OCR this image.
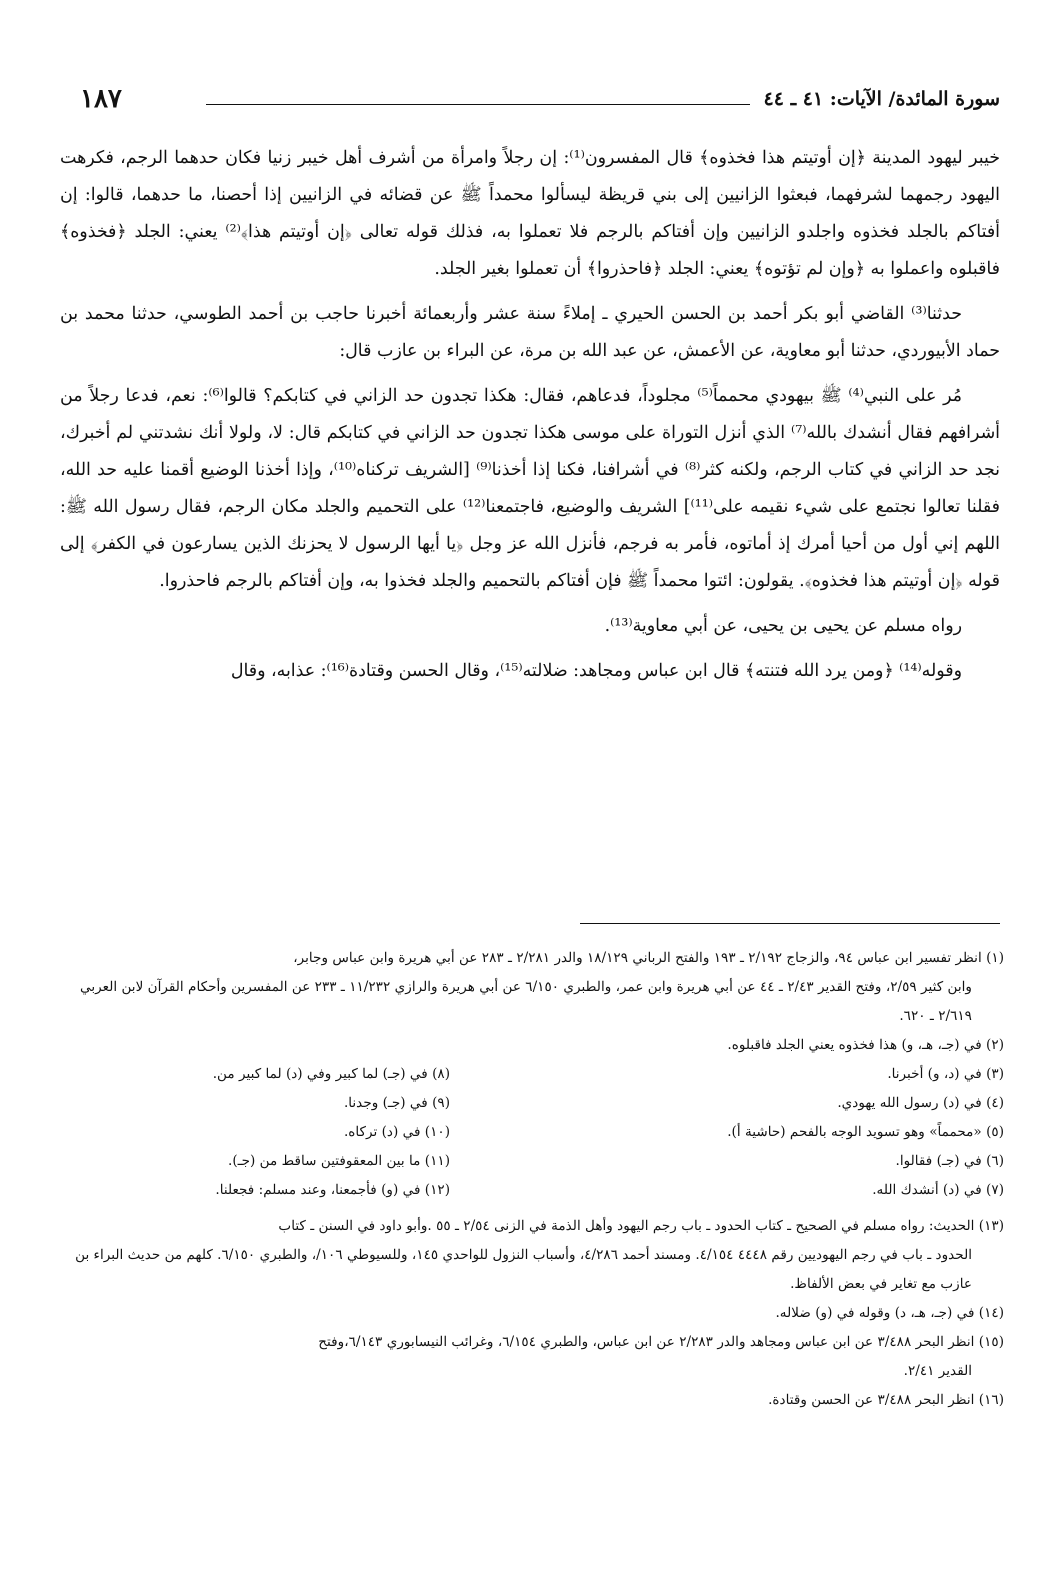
سورة المائدة/ الآيات: ٤١ ـ ٤٤
١٨٧

خيبر ليهود المدينة ﴿إن أوتيتم هذا فخذوه﴾ قال المفسرون⁽¹⁾: إن رجلاً وامرأة من أشرف أهل خيبر زنيا فكان حدهما الرجم، فكرهت اليهود رجمهما لشرفهما، فبعثوا الزانيين إلى بني قريظة ليسألوا محمداً ﷺ عن قضائه في الزانيين إذا أحصنا، ما حدهما، قالوا: إن أفتاكم بالجلد فخذوه واجلدو الزانيين وإن أفتاكم بالرجم فلا تعملوا به، فذلك قوله تعالى ﴿إن أوتيتم هذا﴾⁽²⁾ يعني: الجلد ﴿فخذوه﴾ فاقبلوه واعملوا به ﴿وإن لم تؤتوه﴾ يعني: الجلد ﴿فاحذروا﴾ أن تعملوا بغير الجلد.

حدثنا⁽³⁾ القاضي أبو بكر أحمد بن الحسن الحيري ـ إملاءً سنة عشر وأربعمائة أخبرنا حاجب بن أحمد الطوسي، حدثنا محمد بن حماد الأبيوردي، حدثنا أبو معاوية، عن الأعمش، عن عبد الله بن مرة، عن البراء بن عازب قال:

مُر على النبي⁽⁴⁾ ﷺ بيهودي محمماً⁽⁵⁾ مجلوداً، فدعاهم، فقال: هكذا تجدون حد الزاني في كتابكم؟ قالوا⁽⁶⁾: نعم، فدعا رجلاً من أشرافهم فقال أنشدك بالله⁽⁷⁾ الذي أنزل التوراة على موسى هكذا تجدون حد الزاني في كتابكم قال: لا، ولولا أنك نشدتني لم أخبرك، نجد حد الزاني في كتاب الرجم، ولكنه كثر⁽⁸⁾ في أشرافنا، فكنا إذا أخذنا⁽⁹⁾ [الشريف تركناه⁽¹⁰⁾، وإذا أخذنا الوضيع أقمنا عليه حد الله، فقلنا تعالوا نجتمع على شيء نقيمه على⁽¹¹⁾] الشريف والوضيع، فاجتمعنا⁽¹²⁾ على التحميم والجلد مكان الرجم، فقال رسول الله ﷺ: اللهم إني أول من أحيا أمرك إذ أماتوه، فأمر به فرجم، فأنزل الله عز وجل ﴿يا أيها الرسول لا يحزنك الذين يسارعون في الكفر﴾ إلى قوله ﴿إن أوتيتم هذا فخذوه﴾. يقولون: ائتوا محمداً ﷺ فإن أفتاكم بالتحميم والجلد فخذوا به، وإن أفتاكم بالرجم فاحذروا.

رواه مسلم عن يحيى بن يحيى، عن أبي معاوية⁽¹³⁾.

وقوله⁽¹⁴⁾ ﴿ومن يرد الله فتنته﴾ قال ابن عباس ومجاهد: ضلالته⁽¹⁵⁾، وقال الحسن وقتادة⁽¹⁶⁾: عذابه، وقال

(١) انظر تفسير ابن عباس ٩٤، والزجاج ٢/١٩٢ ـ ١٩٣ والفتح الرباني ١٨/١٢٩ والدر ٢/٢٨١ ـ ٢٨٣ عن أبي هريرة وابن عباس وجابر،
وابن كثير ٢/٥٩، وفتح القدير ٢/٤٣ ـ ٤٤ عن أبي هريرة وابن عمر، والطبري ٦/١٥٠ عن أبي هريرة والرازي ١١/٢٣٢ ـ ٢٣٣ عن المفسرين وأحكام القرآن لابن العربي ٢/٦١٩ ـ ٦٢٠.

(٢) في (جـ، هـ، و) هذا فخذوه يعني الجلد فاقبلوه.

(٣) في (د، و) أخبرنا.

(٤) في (د) رسول الله يهودي.

(٥) «محمماً» وهو تسويد الوجه بالفحم (حاشية أ).

(٦) في (جـ) فقالوا.

(٧) في (د) أنشدك الله.

(٨) في (جـ) لما كبير وفي (د) لما كبير من.

(٩) في (جـ) وجدنا.

(١٠) في (د) تركاه.

(١١) ما بين المعقوفتين ساقط من (جـ).

(١٢) في (و) فأجمعنا، وعند مسلم: فجعلنا.

(١٣) الحديث: رواه مسلم في الصحيح ـ كتاب الحدود ـ باب رجم اليهود وأهل الذمة في الزنى ٢/٥٤ ـ ٥٥ .وأبو داود في السنن ـ كتاب
الحدود ـ باب في رجم اليهوديين رقم ٤٤٤٨ ٤/١٥٤. ومسند أحمد ٤/٢٨٦، وأسباب النزول للواحدي ١٤٥، وللسيوطي ١٠٦/، والطبري ٦/١٥٠. كلهم من حديث البراء بن عازب مع تغاير في بعض الألفاظ.

(١٤) في (جـ، هـ، د) وقوله في (و) ضلاله.

(١٥) انظر البحر ٣/٤٨٨ عن ابن عباس ومجاهد والدر ٢/٢٨٣ عن ابن عباس، والطبري ٦/١٥٤، وغرائب النيسابوري ٦/١٤٣،وفتح
القدير ٢/٤١.

(١٦) انظر البحر ٣/٤٨٨ عن الحسن وقتادة.
